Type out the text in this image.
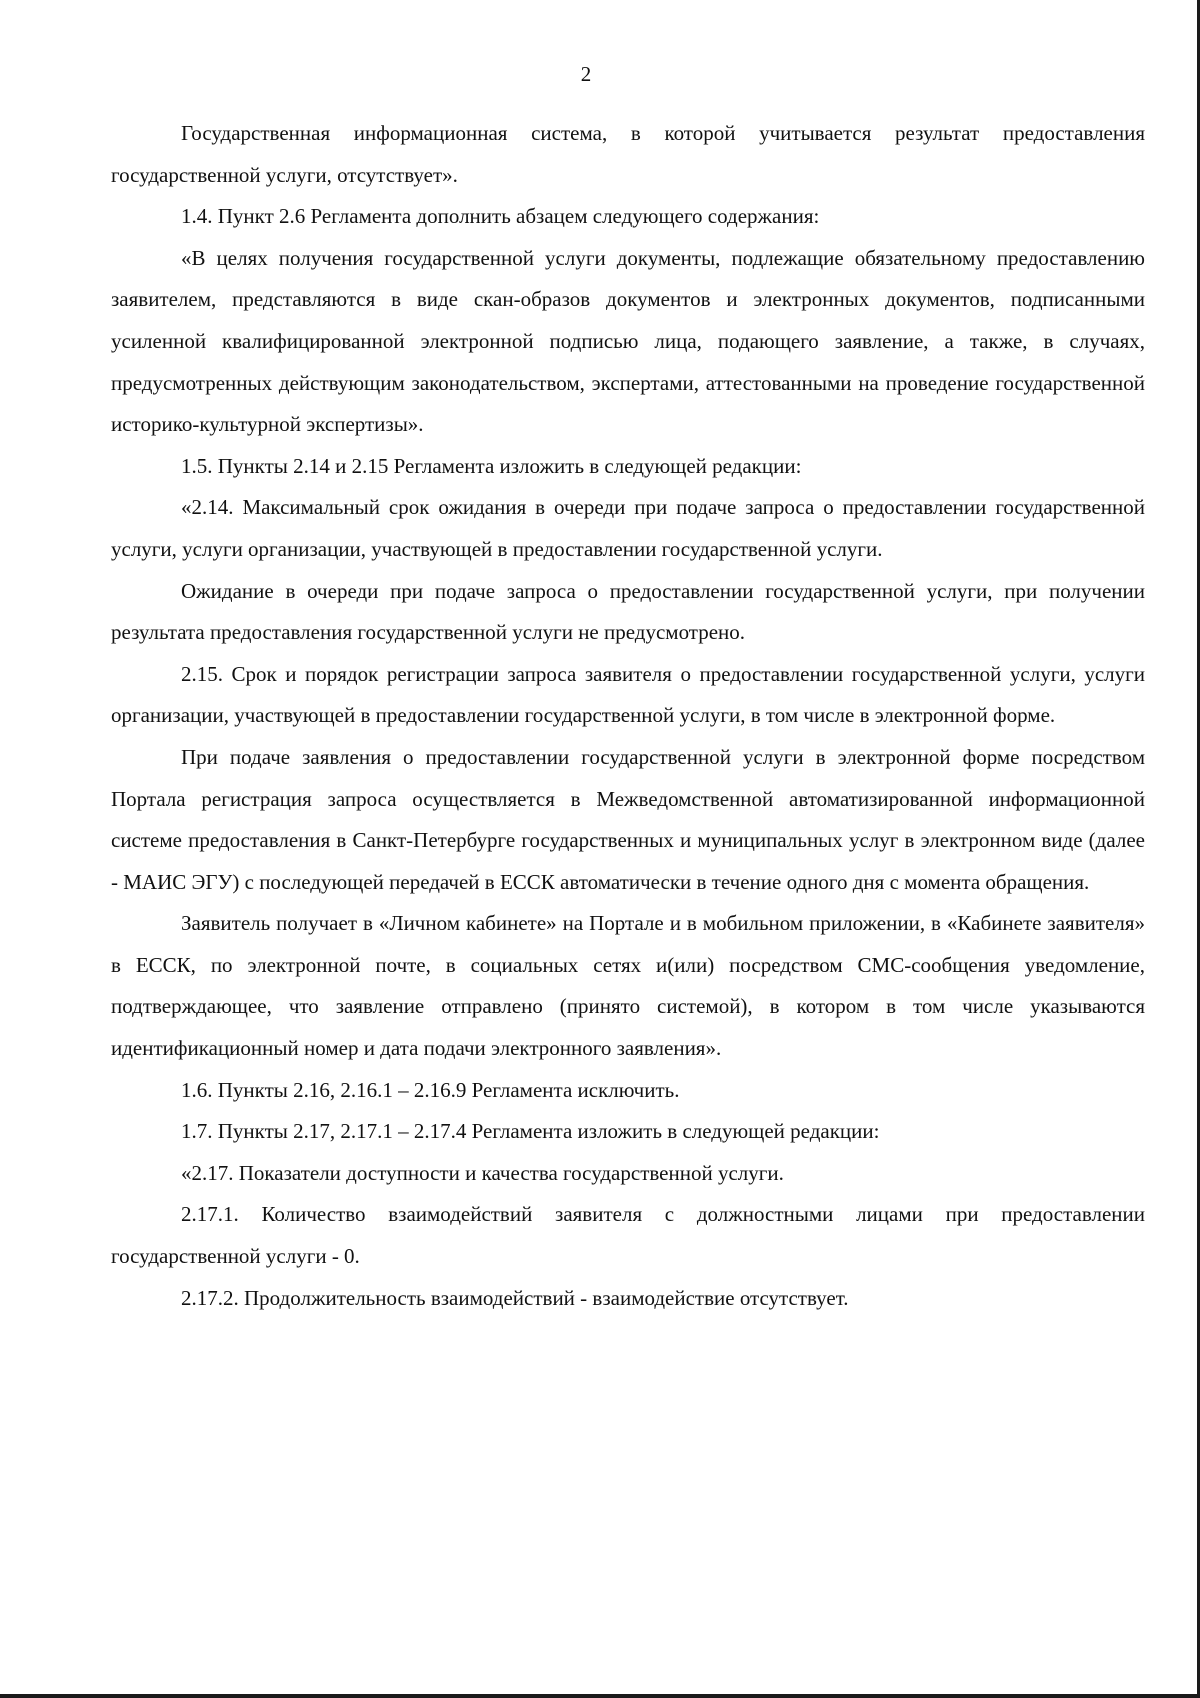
2

Государственная информационная система, в которой учитывается результат предоставления государственной услуги, отсутствует».

1.4. Пункт 2.6 Регламента дополнить абзацем следующего содержания:

«В целях получения государственной услуги документы, подлежащие обязательному предоставлению заявителем, представляются в виде скан-образов документов и электронных документов, подписанными усиленной квалифицированной электронной подписью лица, подающего заявление, а также, в случаях, предусмотренных действующим законодательством, экспертами, аттестованными на проведение государственной историко-культурной экспертизы».

1.5. Пункты 2.14 и 2.15 Регламента изложить в следующей редакции:

«2.14. Максимальный срок ожидания в очереди при подаче запроса о предоставлении государственной услуги, услуги организации, участвующей в предоставлении государственной услуги.

Ожидание в очереди при подаче запроса о предоставлении государственной услуги, при получении результата предоставления государственной услуги не предусмотрено.

2.15. Срок и порядок регистрации запроса заявителя о предоставлении государственной услуги, услуги организации, участвующей в предоставлении государственной услуги, в том числе в электронной форме.

При подаче заявления о предоставлении государственной услуги в электронной форме посредством Портала регистрация запроса осуществляется в Межведомственной автоматизированной информационной системе предоставления в Санкт-Петербурге государственных и муниципальных услуг в электронном виде (далее - МАИС ЭГУ) с последующей передачей в ЕССК автоматически в течение одного дня с момента обращения.

Заявитель получает в «Личном кабинете» на Портале и в мобильном приложении, в «Кабинете заявителя» в ЕССК, по электронной почте, в социальных сетях и(или) посредством СМС-сообщения уведомление, подтверждающее, что заявление отправлено (принято системой), в котором в том числе указываются идентификационный номер и дата подачи электронного заявления».

1.6. Пункты 2.16, 2.16.1 – 2.16.9 Регламента исключить.

1.7. Пункты 2.17, 2.17.1 – 2.17.4 Регламента изложить в следующей редакции:

«2.17. Показатели доступности и качества государственной услуги.

2.17.1. Количество взаимодействий заявителя с должностными лицами при предоставлении государственной услуги - 0.

2.17.2. Продолжительность взаимодействий - взаимодействие отсутствует.
